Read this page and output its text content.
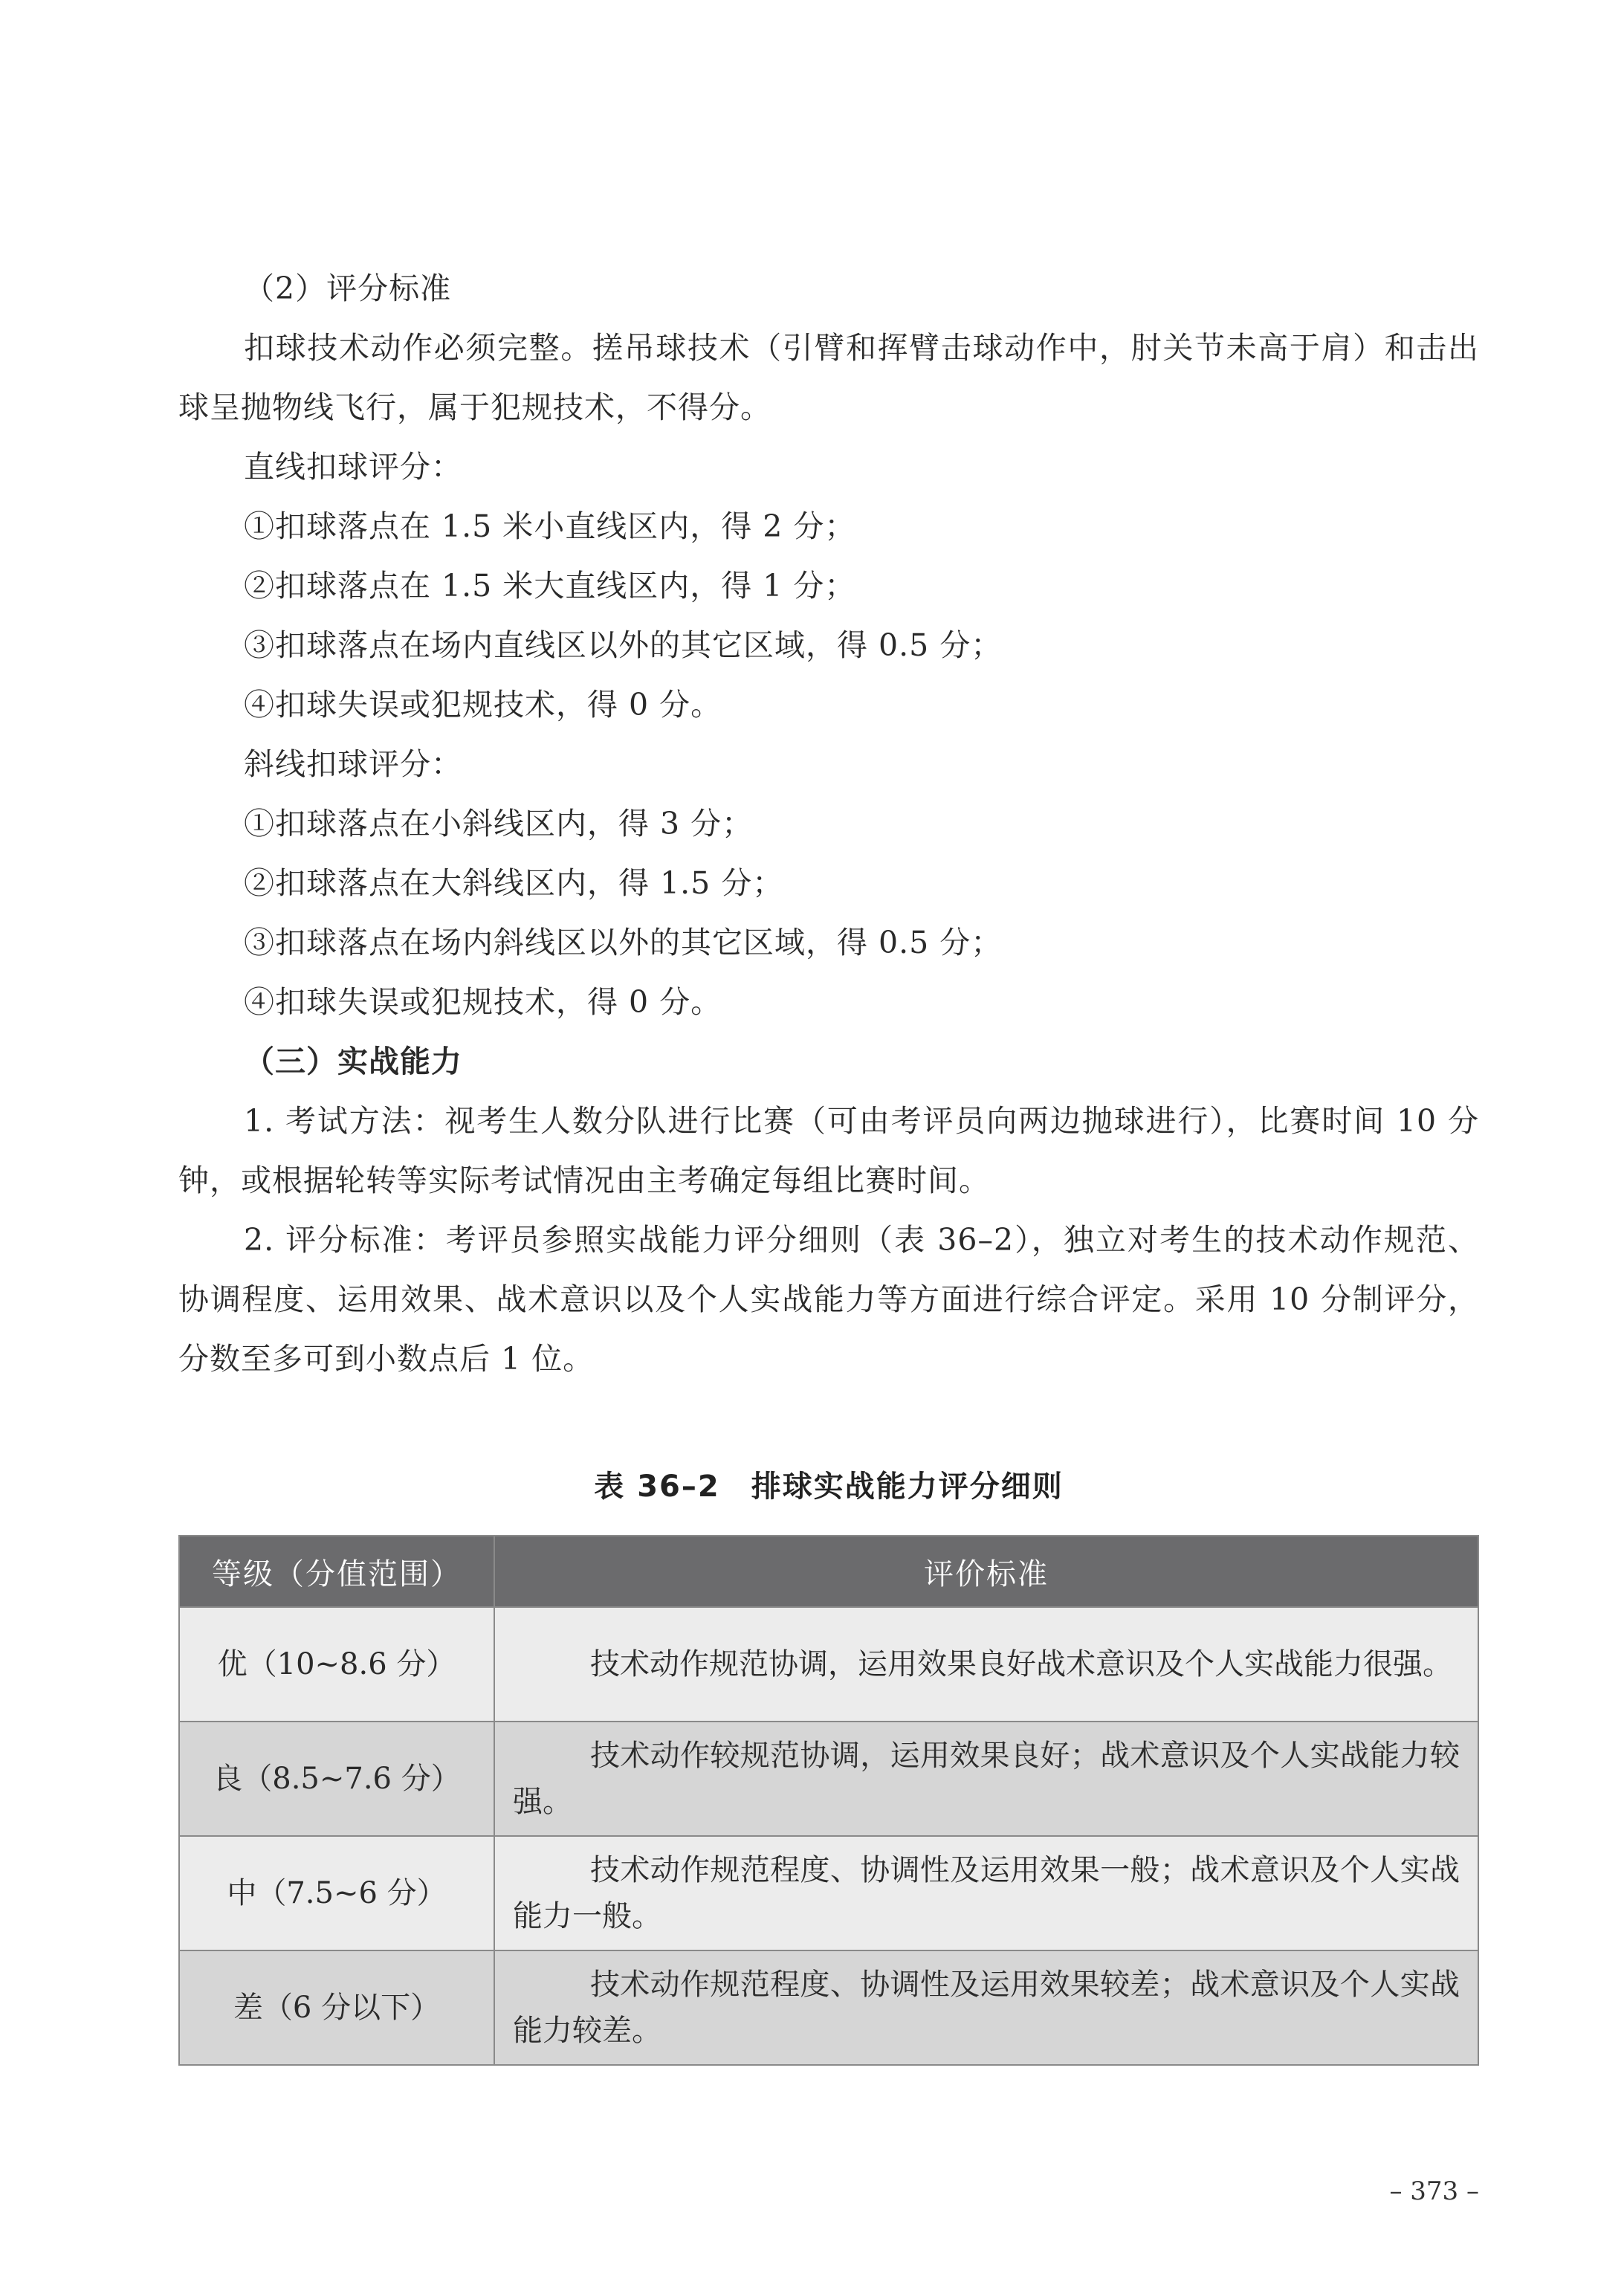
（2）评分标准

扣球技术动作必须完整。搓吊球技术（引臂和挥臂击球动作中，肘关节未高于肩）和击出球呈抛物线飞行，属于犯规技术，不得分。

直线扣球评分：

①扣球落点在 1.5 米小直线区内，得 2 分；

②扣球落点在 1.5 米大直线区内，得 1 分；

③扣球落点在场内直线区以外的其它区域，得 0.5 分；

④扣球失误或犯规技术，得 0 分。

斜线扣球评分：

①扣球落点在小斜线区内，得 3 分；

②扣球落点在大斜线区内，得 1.5 分；

③扣球落点在场内斜线区以外的其它区域，得 0.5 分；

④扣球失误或犯规技术，得 0 分。

（三）实战能力

1. 考试方法：视考生人数分队进行比赛（可由考评员向两边抛球进行），比赛时间 10 分钟，或根据轮转等实际考试情况由主考确定每组比赛时间。

2. 评分标准：考评员参照实战能力评分细则（表 36–2），独立对考生的技术动作规范、协调程度、运用效果、战术意识以及个人实战能力等方面进行综合评定。采用 10 分制评分，分数至多可到小数点后 1 位。

表 36–2　排球实战能力评分细则

等级（分值范围）	评价标准
优（10~8.6 分）	技术动作规范协调，运用效果良好战术意识及个人实战能力很强。

良（8.5~7.6 分）	技术动作较规范协调，运用效果良好；战术意识及个人实战能力较强。

中（7.5~6 分）	技术动作规范程度、协调性及运用效果一般；战术意识及个人实战能力一般。

差（6 分以下）	技术动作规范程度、协调性及运用效果较差；战术意识及个人实战能力较差。
– 373 –
